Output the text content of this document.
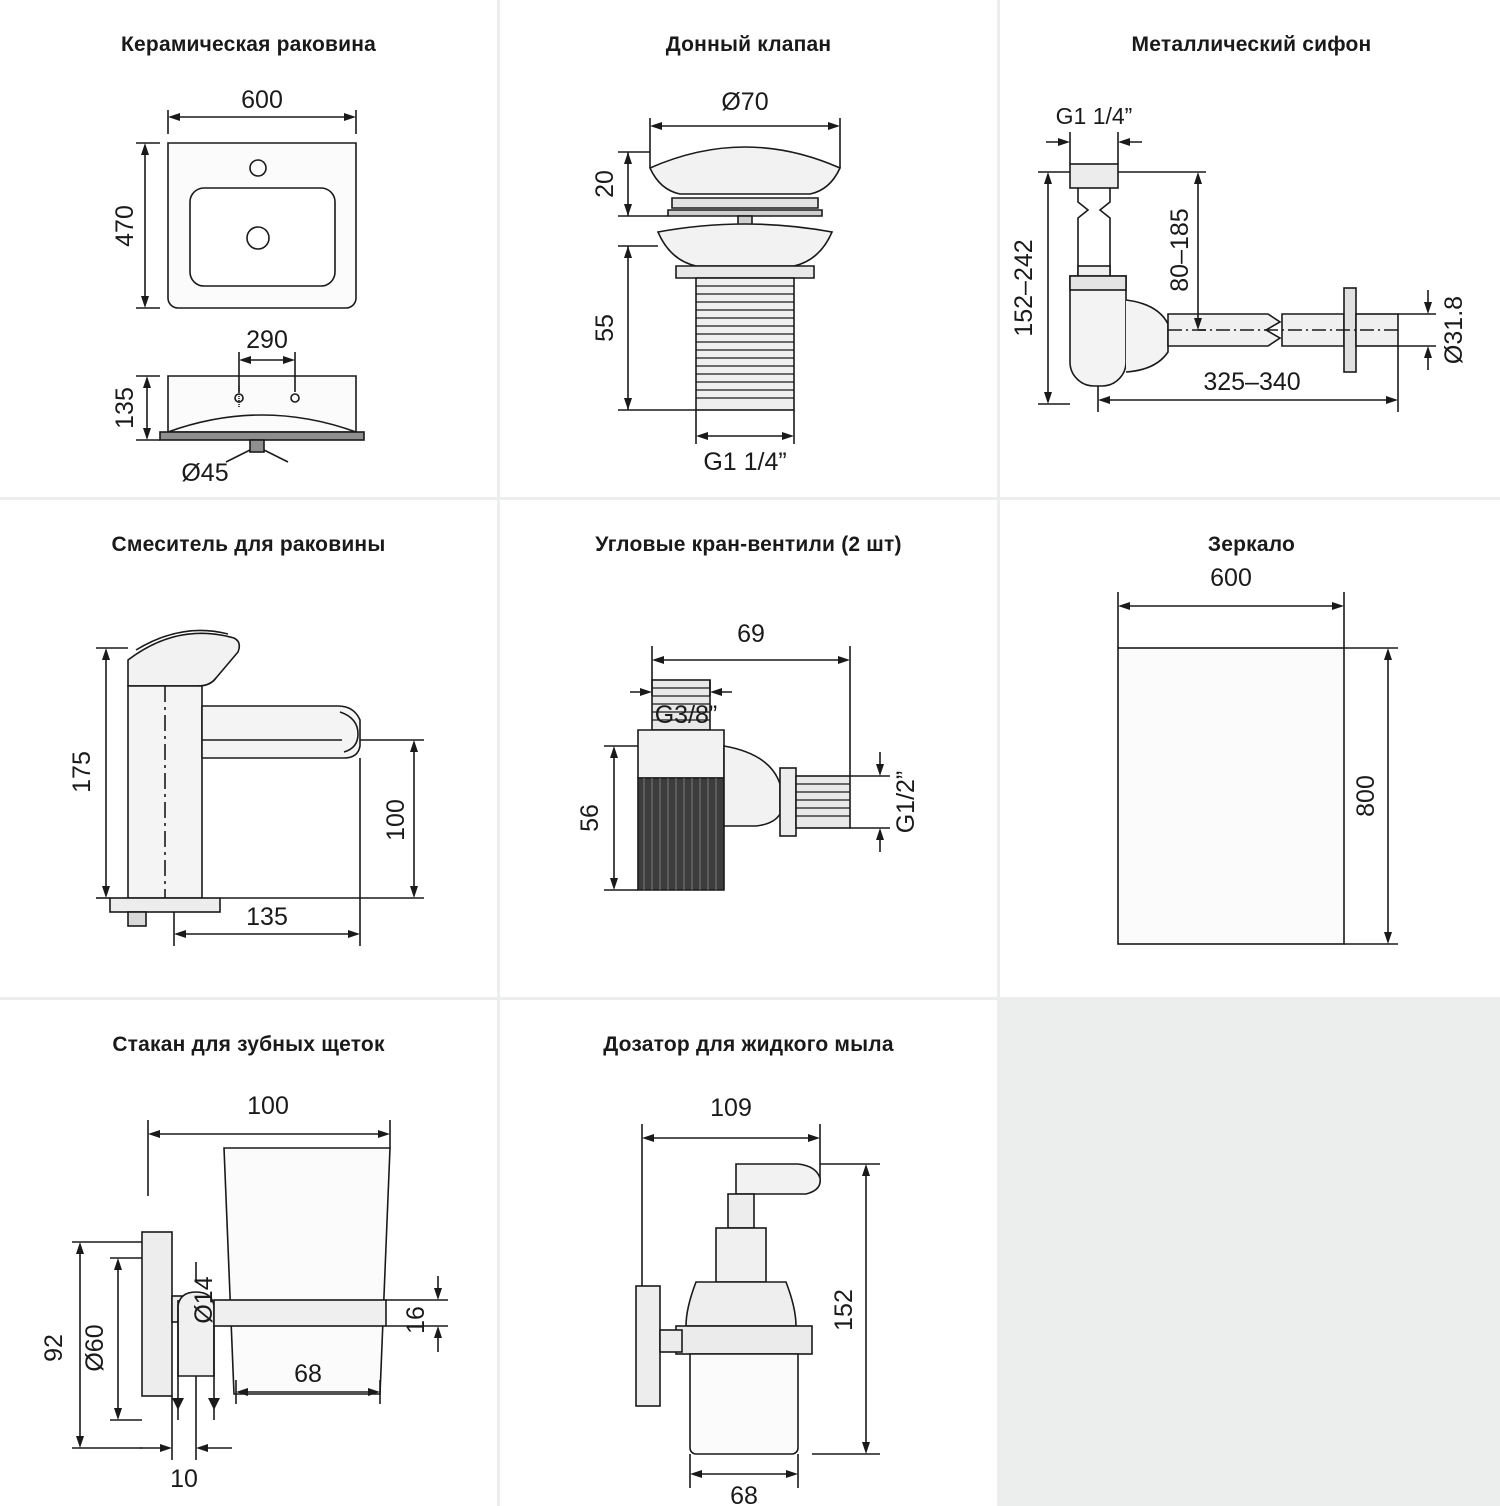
Керамическая раковина
600
470
290
135
Ø45
Донный клапан
Ø70
20
55
G1 1/4”
Металлический сифон
G1 1/4”
152–242	80–185
325–340
Ø31.8
Смеситель для раковины
175
100
135
Угловые кран-вентили (2 шт)
69
G3/8”
56	G1/2”
Зеркало
600
800
Стакан для зубных щеток
100
Ø14
92 Ø60
16
68
10
Дозатор для жидкого мыла
109
152
68
